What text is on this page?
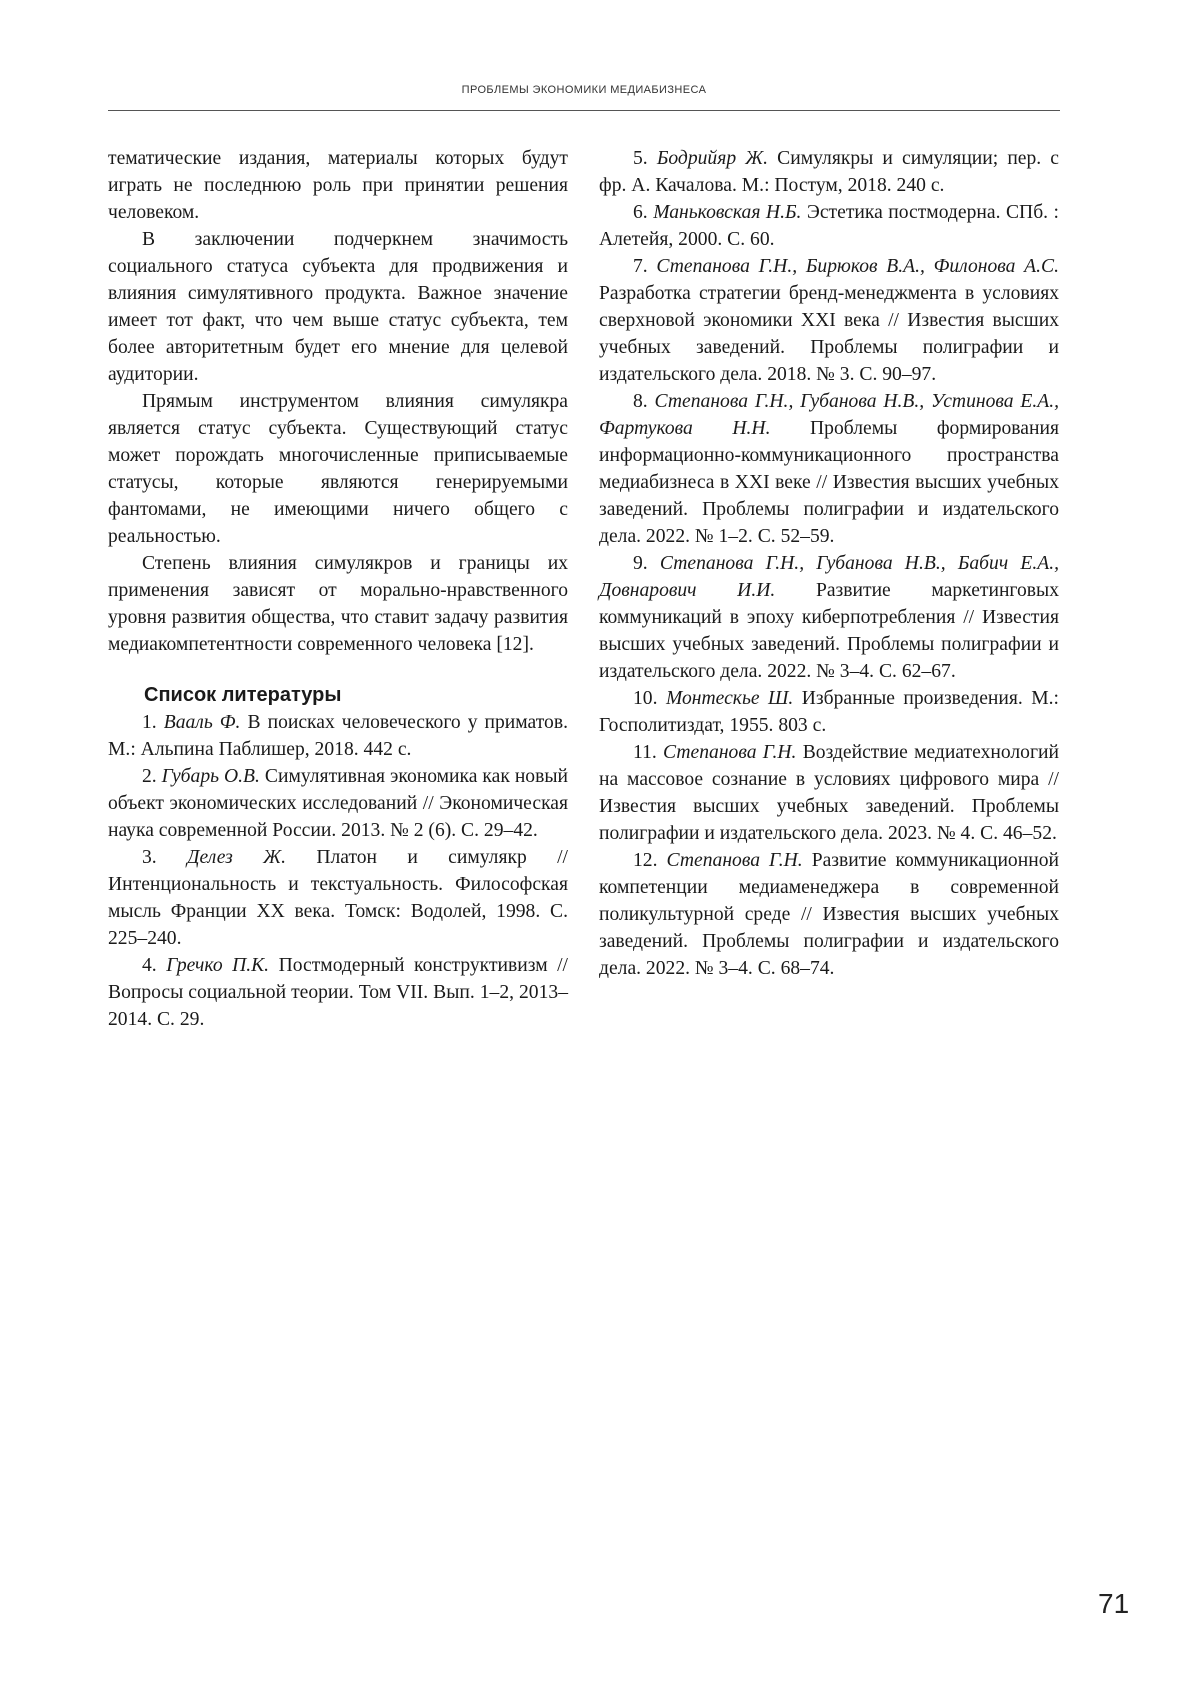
ПРОБЛЕМЫ ЭКОНОМИКИ МЕДИАБИЗНЕСА

тематические издания, материалы которых будут играть не последнюю роль при принятии решения человеком.

В заключении подчеркнем значимость социального статуса субъекта для продвижения и влияния симулятивного продукта. Важное значение имеет тот факт, что чем выше статус субъекта, тем более авторитетным будет его мнение для целевой аудитории.

Прямым инструментом влияния симулякра является статус субъекта. Существующий статус может порождать многочисленные приписываемые статусы, которые являются генерируемыми фантомами, не имеющими ничего общего с реальностью.

Степень влияния симулякров и границы их применения зависят от морально-нравственного уровня развития общества, что ставит задачу развития медиакомпетентности современного человека [12].

Список литературы

1. Вааль Ф. В поисках человеческого у приматов. М.: Альпина Паблишер, 2018. 442 с.

2. Губарь О.В. Симулятивная экономика как новый объект экономических исследований // Экономическая наука современной России. 2013. № 2 (6). С. 29–42.

3. Делез Ж. Платон и симулякр // Интенциональность и текстуальность. Философская мысль Франции XX века. Томск: Водолей, 1998. С. 225–240.

4. Гречко П.К. Постмодерный конструктивизм // Вопросы социальной теории. Том VII. Вып. 1–2, 2013–2014. С. 29.

5. Бодрийяр Ж. Симулякры и симуляции; пер. с фр. А. Качалова. М.: Постум, 2018. 240 с.

6. Маньковская Н.Б. Эстетика постмодерна. СПб. : Алетейя, 2000. С. 60.

7. Степанова Г.Н., Бирюков В.А., Филонова А.С. Разработка стратегии бренд-менеджмента в условиях сверхновой экономики XXI века // Известия высших учебных заведений. Проблемы полиграфии и издательского дела. 2018. № 3. С. 90–97.

8. Степанова Г.Н., Губанова Н.В., Устинова Е.А., Фартукова Н.Н. Проблемы формирования информационно-коммуникационного пространства медиабизнеса в XXI веке // Известия высших учебных заведений. Проблемы полиграфии и издательского дела. 2022. № 1–2. С. 52–59.

9. Степанова Г.Н., Губанова Н.В., Бабич Е.А., Довнарович И.И. Развитие маркетинговых коммуникаций в эпоху киберпотребления // Известия высших учебных заведений. Проблемы полиграфии и издательского дела. 2022. № 3–4. С. 62–67.

10. Монтескье Ш. Избранные произведения. М.: Госполитиздат, 1955. 803 с.

11. Степанова Г.Н. Воздействие медиатехнологий на массовое сознание в условиях цифрового мира // Известия высших учебных заведений. Проблемы полиграфии и издательского дела. 2023. № 4. С. 46–52.

12. Степанова Г.Н. Развитие коммуникационной компетенции медиаменеджера в современной поликультурной среде // Известия высших учебных заведений. Проблемы полиграфии и издательского дела. 2022. № 3–4. С. 68–74.

71
